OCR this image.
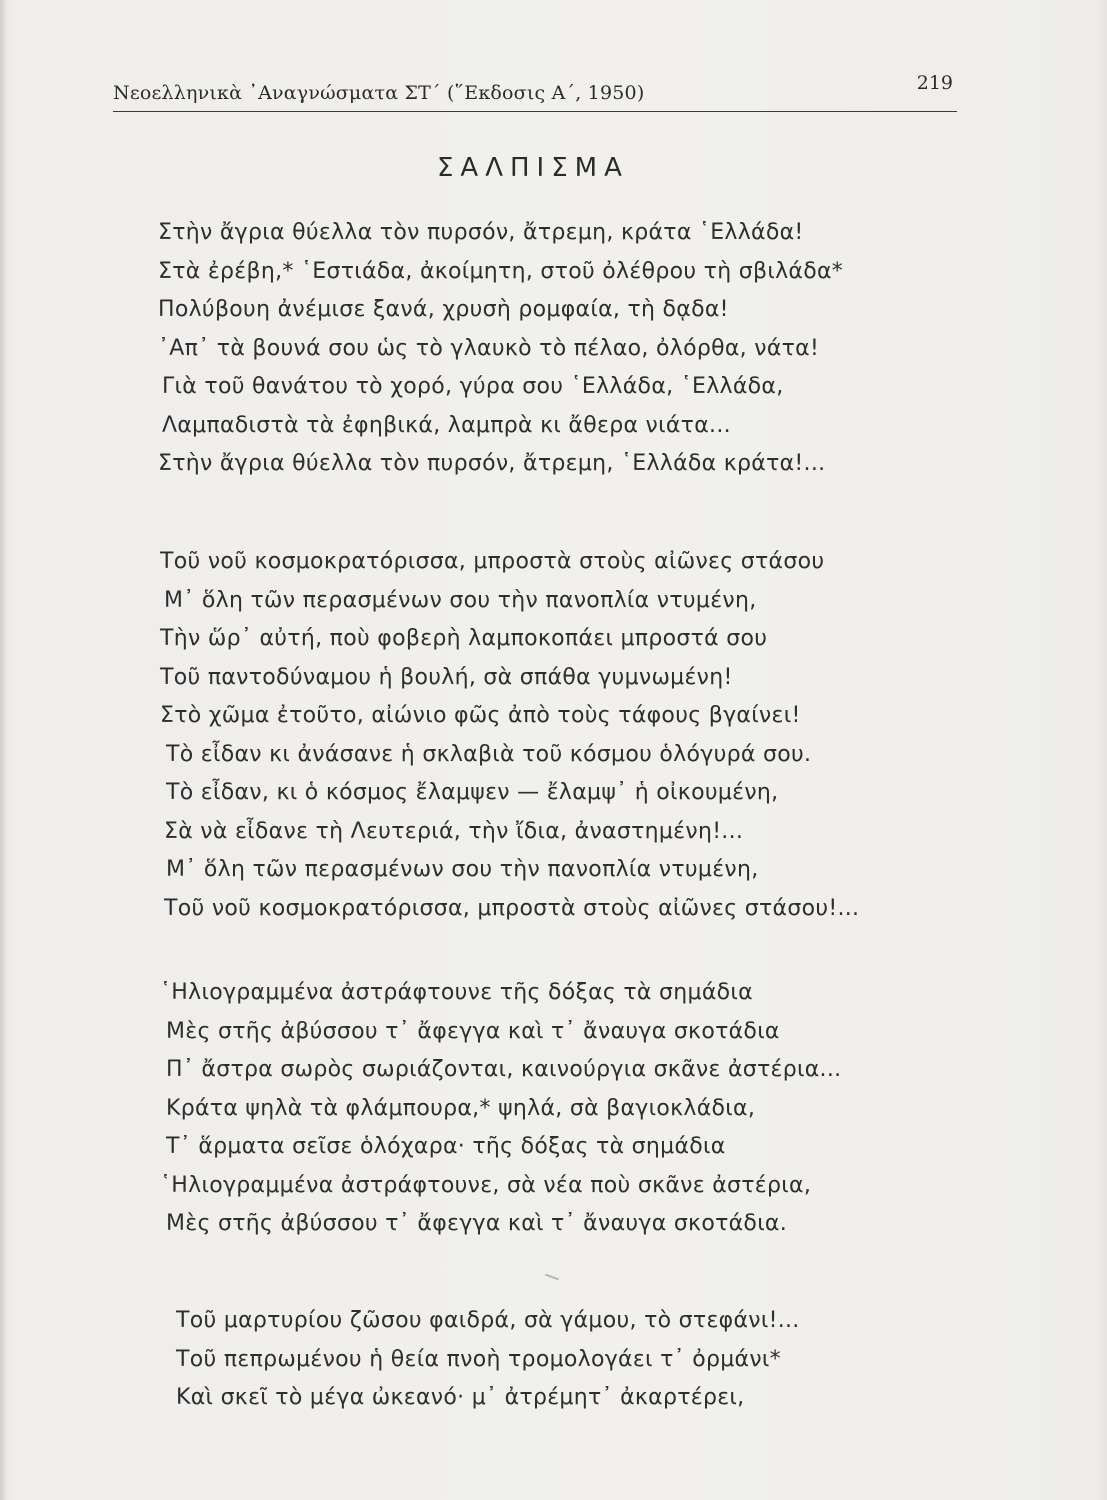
Νεοελληνικὰ ᾿Αναγνώσματα ΣΤ΄ (῞Εκδοσις Α΄, 1950)	219
ΣΑΛΠΙΣΜΑ
Στὴν ἄγρια θύελλα τὸν πυρσόν, ἄτρεμη, κράτα ῾Ελλάδα!
Στὰ ἐρέβη,* ῾Εστιάδα, ἀκοίμητη, στοῦ ὀλέθρου τὴ σβιλάδα*
Πολύβουη ἀνέμισε ξανά, χρυσὴ ρομφαία, τὴ δᾳδα!
᾿Απ᾿ τὰ βουνά σου ὡς τὸ γλαυκὸ τὸ πέλαο, ὀλόρθα, νάτα!
Γιὰ τοῦ θανάτου τὸ χορό, γύρα σου ῾Ελλάδα, ῾Ελλάδα,
Λαμπαδιστὰ τὰ ἐφηβικά, λαμπρὰ κι ἄθερα νιάτα...
Στὴν ἄγρια θύελλα τὸν πυρσόν, ἄτρεμη, ῾Ελλάδα κράτα!...
Τοῦ νοῦ κοσμοκρατόρισσα, μπροστὰ στοὺς αἰῶνες στάσου
Μ᾿ ὅλη τῶν περασμένων σου τὴν πανοπλία ντυμένη,
Τὴν ὥρ᾿ αὐτή, ποὺ φοβερὴ λαμποκοπάει μπροστά σου
Τοῦ παντοδύναμου ἡ βουλή, σὰ σπάθα γυμνωμένη!
Στὸ χῶμα ἐτοῦτο, αἰώνιο φῶς ἀπὸ τοὺς τάφους βγαίνει!
Τὸ εἶδαν κι ἀνάσανε ἡ σκλαβιὰ τοῦ κόσμου ὁλόγυρά σου.
Τὸ εἶδαν, κι ὁ κόσμος ἔλαμψεν — ἔλαμψ᾿ ἡ οἰκουμένη,
Σὰ νὰ εἶδανε τὴ Λευτεριά, τὴν ἴδια, ἀναστημένη!...
Μ᾿ ὅλη τῶν περασμένων σου τὴν πανοπλία ντυμένη,
Τοῦ νοῦ κοσμοκρατόρισσα, μπροστὰ στοὺς αἰῶνες στάσου!...
῾Ηλιογραμμένα ἀστράφτουνε τῆς δόξας τὰ σημάδια
Μὲς στῆς ἀβύσσου τ᾿ ἄφεγγα καὶ τ᾿ ἄναυγα σκοτάδια
Π᾿ ἄστρα σωρὸς σωριάζονται, καινούργια σκᾶνε ἀστέρια...
Κράτα ψηλὰ τὰ φλάμπουρα,* ψηλά, σὰ βαγιοκλάδια,
Τ᾿ ἅρματα σεῖσε ὁλόχαρα· τῆς δόξας τὰ σημάδια
῾Ηλιογραμμένα ἀστράφτουνε, σὰ νέα ποὺ σκᾶνε ἀστέρια,
Μὲς στῆς ἀβύσσου τ᾿ ἄφεγγα καὶ τ᾿ ἄναυγα σκοτάδια.
Τοῦ μαρτυρίου ζῶσου φαιδρά, σὰ γάμου, τὸ στεφάνι!...
Τοῦ πεπρωμένου ἡ θεία πνοὴ τρομολογάει τ᾿ ὀρμάνι*
Καὶ σκεῖ τὸ μέγα ὠκεανό· μ᾿ ἀτρέμητ᾿ ἀκαρτέρει,
